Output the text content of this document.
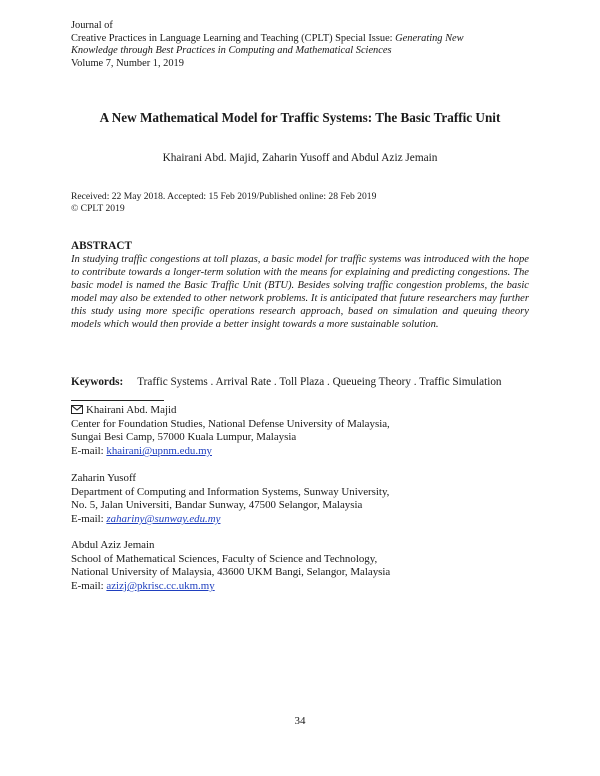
Journal of
Creative Practices in Language Learning and Teaching (CPLT) Special Issue: Generating New
Knowledge through Best Practices in Computing and Mathematical Sciences
Volume 7, Number 1, 2019
A New Mathematical Model for Traffic Systems: The Basic Traffic Unit
Khairani Abd. Majid, Zaharin Yusoff and Abdul Aziz Jemain
Received: 22 May 2018. Accepted: 15 Feb 2019/Published online: 28 Feb 2019
© CPLT 2019
ABSTRACT
In studying traffic congestions at toll plazas, a basic model for traffic systems was introduced with the hope to contribute towards a longer-term solution with the means for explaining and predicting congestions. The basic model is named the Basic Traffic Unit (BTU). Besides solving traffic congestion problems, the basic model may also be extended to other network problems. It is anticipated that future researchers may further this study using more specific operations research approach, based on simulation and queuing theory models which would then provide a better insight towards a more sustainable solution.
Keywords: Traffic Systems . Arrival Rate . Toll Plaza . Queueing Theory . Traffic Simulation
Khairani Abd. Majid
Center for Foundation Studies, National Defense University of Malaysia,
Sungai Besi Camp, 57000 Kuala Lumpur, Malaysia
E-mail: khairani@upnm.edu.my
Zaharin Yusoff
Department of Computing and Information Systems, Sunway University,
No. 5, Jalan Universiti, Bandar Sunway, 47500 Selangor, Malaysia
E-mail: zahariny@sunway.edu.my
Abdul Aziz Jemain
School of Mathematical Sciences, Faculty of Science and Technology,
National University of Malaysia, 43600 UKM Bangi, Selangor, Malaysia
E-mail: azizj@pkrisc.cc.ukm.my
34
